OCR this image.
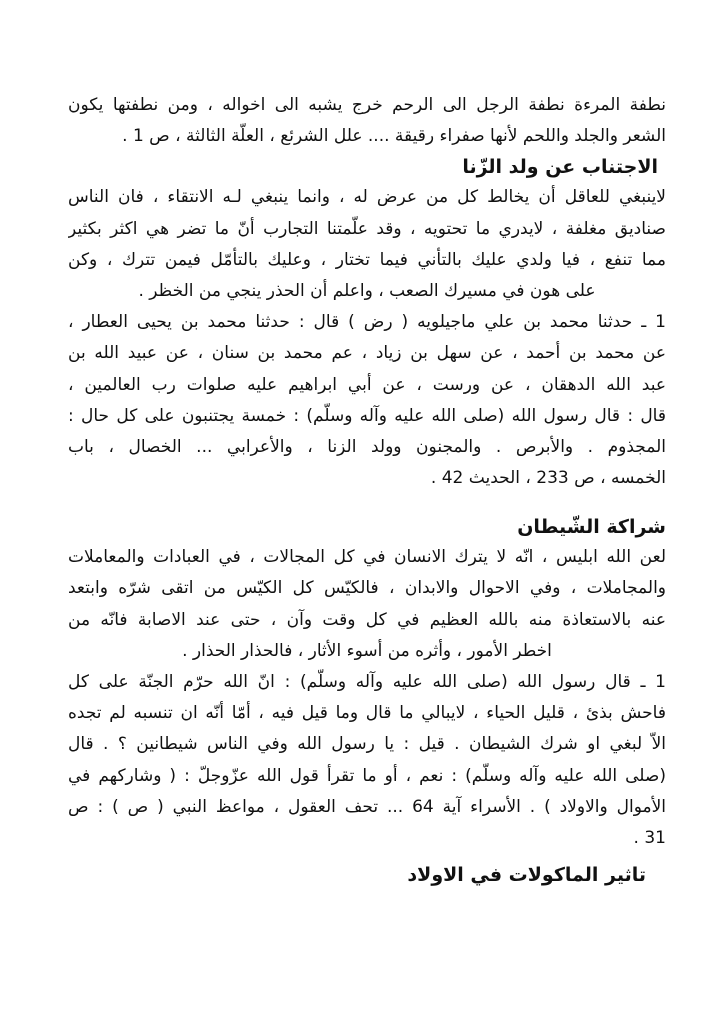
نطفة المرءة نطفة الرجل الى الرحم خرج يشبه الى اخواله ، ومن نطفتها يكون
الشعر والجلد واللحم لأنها صفراء رقيقة .... علل الشرئع ، العلّة الثالثة ، ص 1 .
الاجتناب عن ولد الزّنا
لاينبغي للعاقل أن يخالط كل من عرض له ، وانما ينبغي لـه الانتقاء ، فان الناس
صناديق مغلفة ، لايدري ما تحتويه ، وقد علّمتنا التجارب أنّ ما تضر هي اكثر بكثير
مما تنفع ، فيا ولدي عليك بالتأني فيما تختار ، وعليك بالتأمّل فيمن تترك ، وكن
على هون في مسيرك الصعب ، واعلم أن الحذر ينجي من الخظر .
1 ـ حدثنا محمد بن علي ماجيلويه ( رض ) قال : حدثنا محمد بن يحيى العطار ،
عن محمد بن أحمد ، عن سهل بن زياد ، عم محمد بن سنان ، عن عبيد الله بن
عبد الله الدهقان ، عن ورست ، عن أبي ابراهيم عليه صلوات رب العالمين ،
قال : قال رسول الله (صلى الله عليه وآله وسلّم) : خمسة يجتنبون على كل حال :
المجذوم . والأبرص . والمجنون وولد الزنا ، والأعرابي ... الخصال ، باب
الخمسه ، ص 233 ، الحديث 42 .
شراكة الشّيطان
لعن الله ابليس ، انّه لا يترك الانسان في كل المجالات ، في العبادات والمعاملات
والمجاملات ، وفي الاحوال والابدان ، فالكيّس كل الكيّس من اتقى شرّه وابتعد
عنه بالاستعاذة منه بالله العظيم في كل وقت وآن ، حتى عند الاصابة فانّه من
اخطر الأمور ، وأثره من أسوء الأثار ، فالحذار الحذار .
1 ـ قال رسول الله (صلى الله عليه وآله وسلّم) : انّ الله حرّم الجنّة على كل
فاحش بذئ ، قليل الحياء ، لايبالي ما قال وما قيل فيه ، أمّا أنّه ان تنسبه لم تجده
الاّ لبغي او شرك الشيطان . قيل : يا رسول الله وفي الناس شيطانين ؟ . قال
(صلى الله عليه وآله وسلّم) : نعم ، أو ما تقرأ قول الله عزّوجلّ : ( وشاركهم في
الأموال والاولاد ) . الأسراء آية 64 ... تحف العقول ، مواعظ النبي ( ص ) : ص
31 .
تاثير الماكولات في الاولاد
